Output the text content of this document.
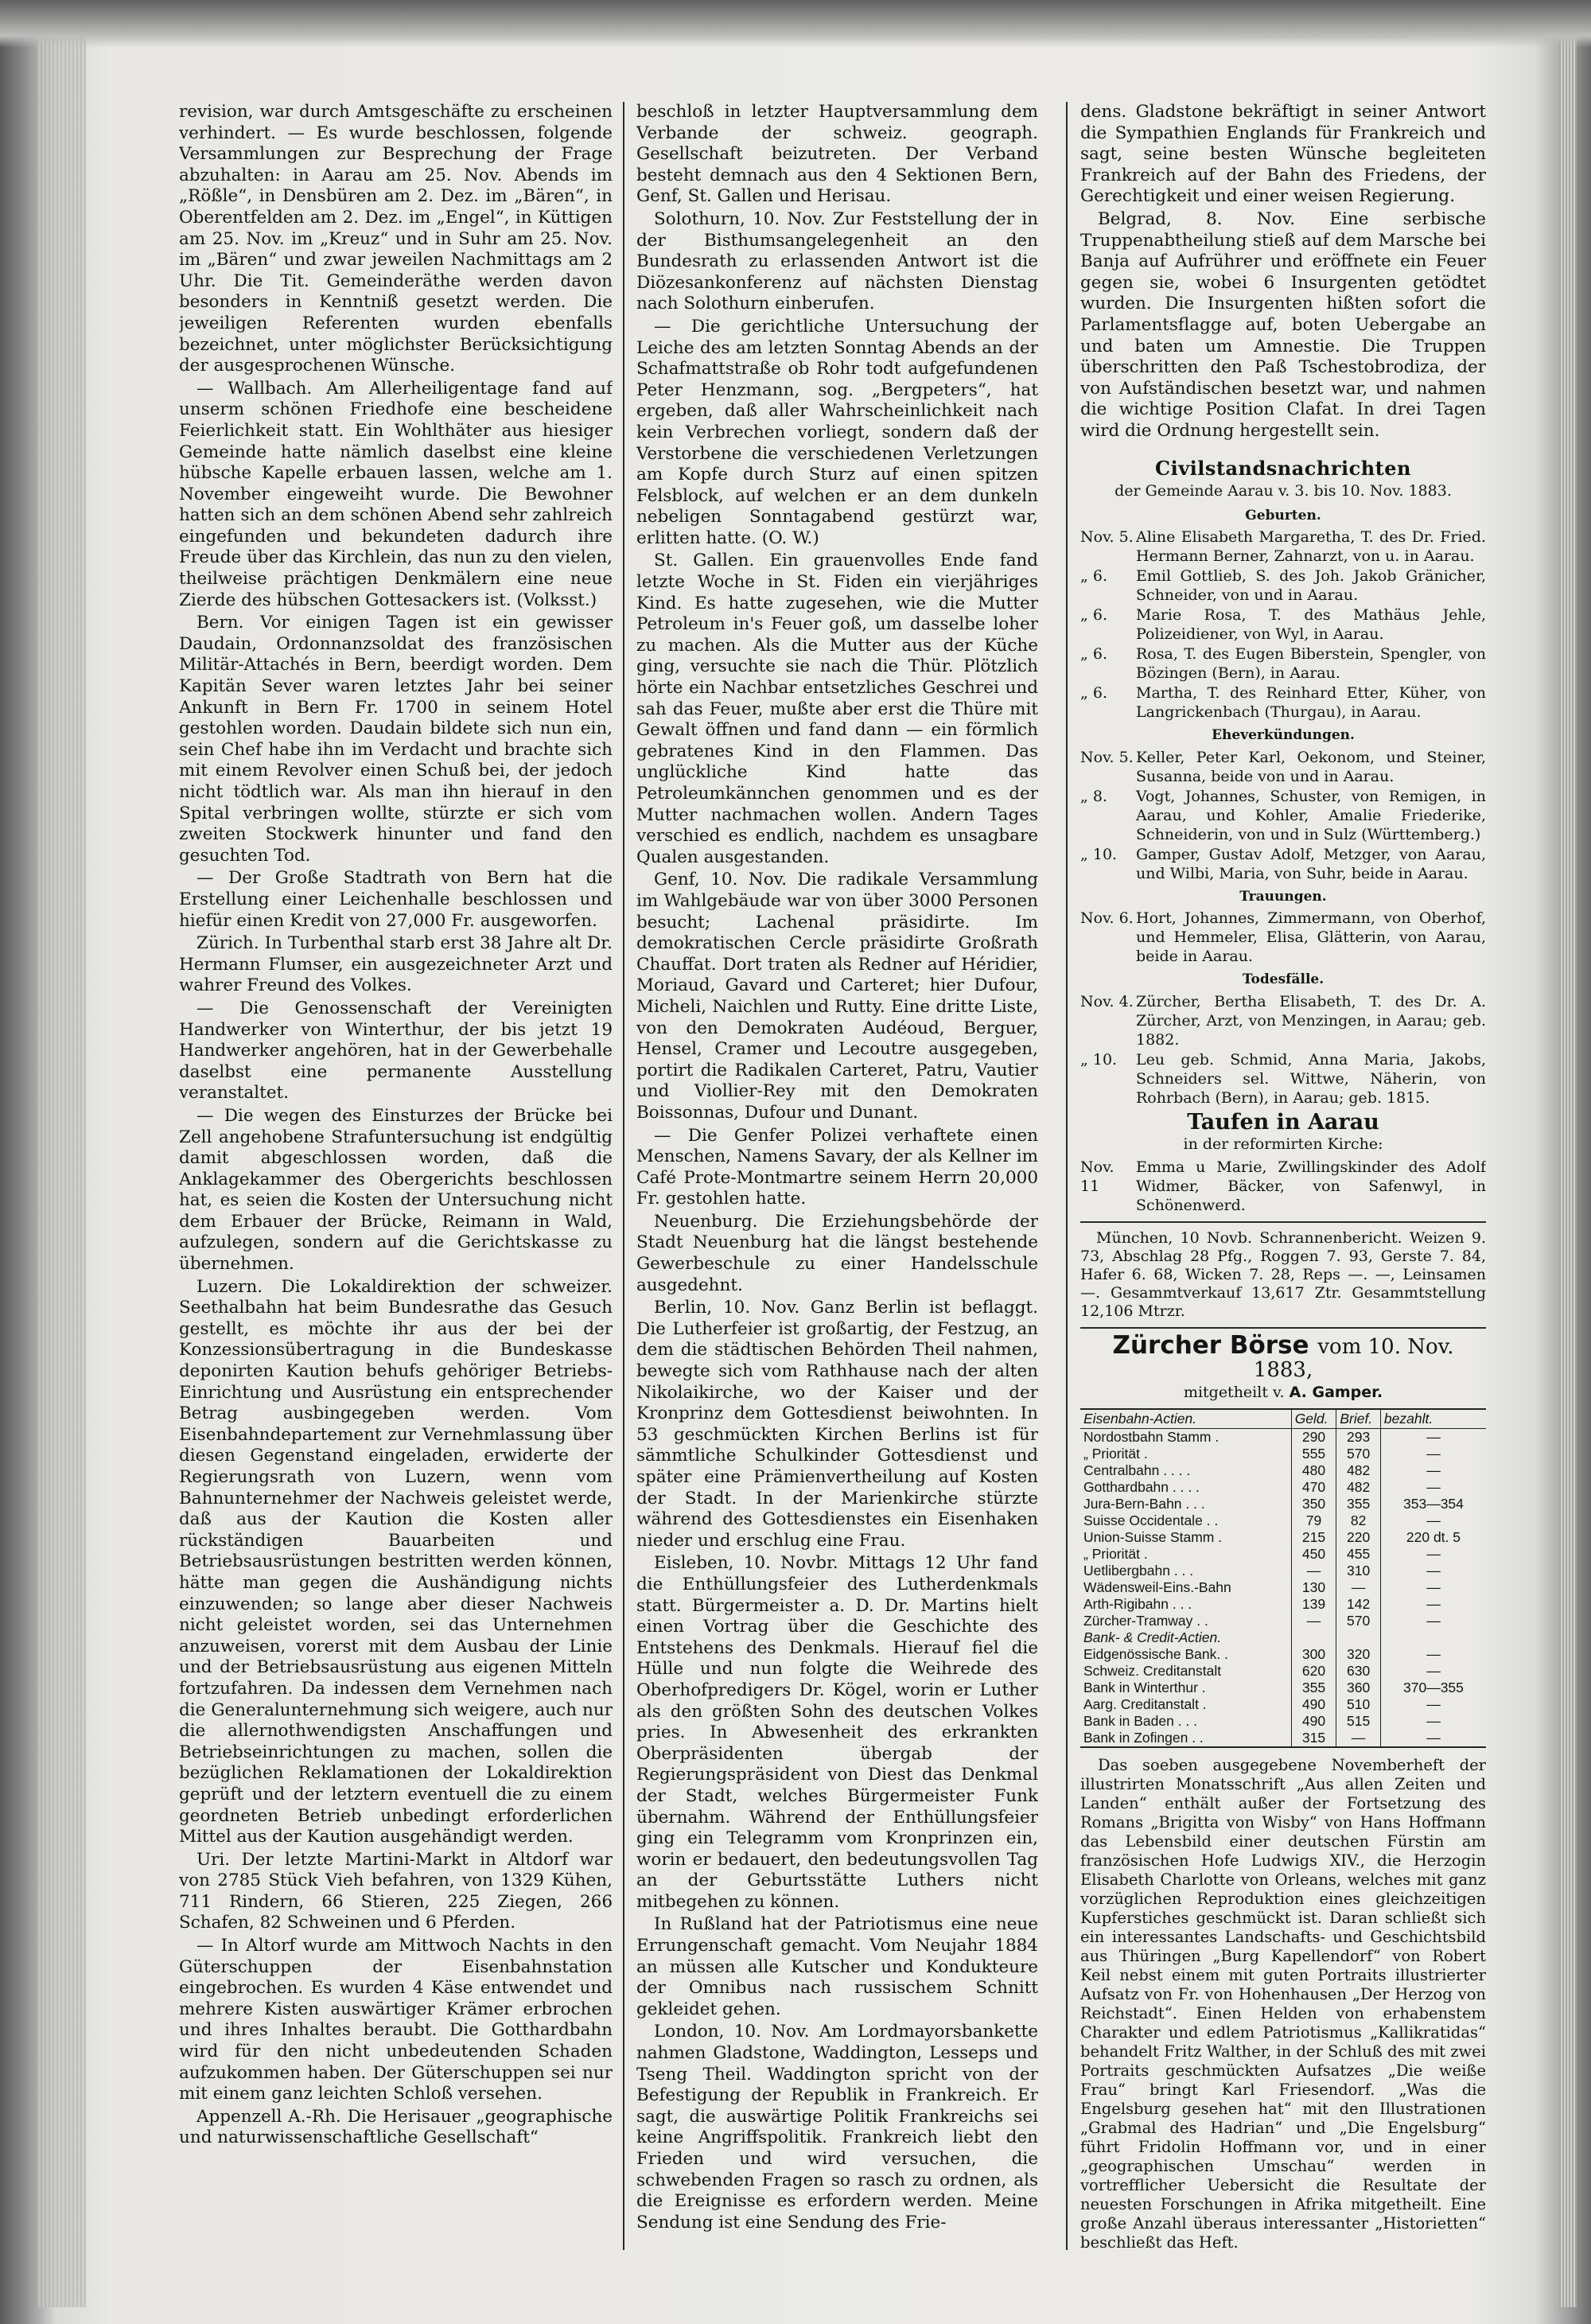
revision, war durch Amtsgeschäfte zu erscheinen verhindert. — Es wurde beschlossen, folgende Versammlungen zur Besprechung der Frage abzuhalten: in Aarau am 25. Nov. Abends im „Rößle“, in Densbüren am 2. Dez. im „Bären“, in Oberentfelden am 2. Dez. im „Engel“, in Küttigen am 25. Nov. im „Kreuz“ und in Suhr am 25. Nov. im „Bären“ und zwar jeweilen Nachmittags am 2 Uhr. Die Tit. Gemeinderäthe werden davon besonders in Kenntniß gesetzt werden. Die jeweiligen Referenten wurden ebenfalls bezeichnet, unter möglichster Berücksichtigung der ausgesprochenen Wünsche.

— Wallbach. Am Allerheiligentage fand auf unserm schönen Friedhofe eine bescheidene Feierlichkeit statt. Ein Wohlthäter aus hiesiger Gemeinde hatte nämlich daselbst eine kleine hübsche Kapelle erbauen lassen, welche am 1. November eingeweiht wurde. Die Bewohner hatten sich an dem schönen Abend sehr zahlreich eingefunden und bekundeten dadurch ihre Freude über das Kirchlein, das nun zu den vielen, theilweise prächtigen Denkmälern eine neue Zierde des hübschen Gottesackers ist. (Volksst.)

Bern. Vor einigen Tagen ist ein gewisser Daudain, Ordonnanzsoldat des französischen Militär-Attachés in Bern, beerdigt worden. Dem Kapitän Sever waren letztes Jahr bei seiner Ankunft in Bern Fr. 1700 in seinem Hotel gestohlen worden. Daudain bildete sich nun ein, sein Chef habe ihn im Verdacht und brachte sich mit einem Revolver einen Schuß bei, der jedoch nicht tödtlich war. Als man ihn hierauf in den Spital verbringen wollte, stürzte er sich vom zweiten Stockwerk hinunter und fand den gesuchten Tod.

— Der Große Stadtrath von Bern hat die Erstellung einer Leichenhalle beschlossen und hiefür einen Kredit von 27,000 Fr. ausgeworfen.

Zürich. In Turbenthal starb erst 38 Jahre alt Dr. Hermann Flumser, ein ausgezeichneter Arzt und wahrer Freund des Volkes.

— Die Genossenschaft der Vereinigten Handwerker von Winterthur, der bis jetzt 19 Handwerker angehören, hat in der Gewerbehalle daselbst eine permanente Ausstellung veranstaltet.

— Die wegen des Einsturzes der Brücke bei Zell angehobene Strafuntersuchung ist endgültig damit abgeschlossen worden, daß die Anklagekammer des Obergerichts beschlossen hat, es seien die Kosten der Untersuchung nicht dem Erbauer der Brücke, Reimann in Wald, aufzulegen, sondern auf die Gerichtskasse zu übernehmen.

Luzern. Die Lokaldirektion der schweizer. Seethalbahn hat beim Bundesrathe das Gesuch gestellt, es möchte ihr aus der bei der Konzessionsübertragung in die Bundeskasse deponirten Kaution behufs gehöriger Betriebs-Einrichtung und Ausrüstung ein entsprechender Betrag ausbingegeben werden. Vom Eisenbahndepartement zur Vernehmlassung über diesen Gegenstand eingeladen, erwiderte der Regierungsrath von Luzern, wenn vom Bahnunternehmer der Nachweis geleistet werde, daß aus der Kaution die Kosten aller rückständigen Bauarbeiten und Betriebsausrüstungen bestritten werden können, hätte man gegen die Aushändigung nichts einzuwenden; so lange aber dieser Nachweis nicht geleistet worden, sei das Unternehmen anzuweisen, vorerst mit dem Ausbau der Linie und der Betriebsausrüstung aus eigenen Mitteln fortzufahren. Da indessen dem Vernehmen nach die Generalunternehmung sich weigere, auch nur die allernothwendigsten Anschaffungen und Betriebseinrichtungen zu machen, sollen die bezüglichen Reklamationen der Lokaldirektion geprüft und der letztern eventuell die zu einem geordneten Betrieb unbedingt erforderlichen Mittel aus der Kaution ausgehändigt werden.

Uri. Der letzte Martini-Markt in Altdorf war von 2785 Stück Vieh befahren, von 1329 Kühen, 711 Rindern, 66 Stieren, 225 Ziegen, 266 Schafen, 82 Schweinen und 6 Pferden.

— In Altorf wurde am Mittwoch Nachts in den Güterschuppen der Eisenbahnstation eingebrochen. Es wurden 4 Käse entwendet und mehrere Kisten auswärtiger Krämer erbrochen und ihres Inhaltes beraubt. Die Gotthardbahn wird für den nicht unbedeutenden Schaden aufzukommen haben. Der Güterschuppen sei nur mit einem ganz leichten Schloß versehen.

Appenzell A.-Rh. Die Herisauer „geographische und naturwissenschaftliche Gesellschaft“

beschloß in letzter Hauptversammlung dem Verbande der schweiz. geograph. Gesellschaft beizutreten. Der Verband besteht demnach aus den 4 Sektionen Bern, Genf, St. Gallen und Herisau.

Solothurn, 10. Nov. Zur Feststellung der in der Bisthumsangelegenheit an den Bundesrath zu erlassenden Antwort ist die Diözesankonferenz auf nächsten Dienstag nach Solothurn einberufen.

— Die gerichtliche Untersuchung der Leiche des am letzten Sonntag Abends an der Schafmattstraße ob Rohr todt aufgefundenen Peter Henzmann, sog. „Bergpeters“, hat ergeben, daß aller Wahrscheinlichkeit nach kein Verbrechen vorliegt, sondern daß der Verstorbene die verschiedenen Verletzungen am Kopfe durch Sturz auf einen spitzen Felsblock, auf welchen er an dem dunkeln nebeligen Sonntagabend gestürzt war, erlitten hatte. (O. W.)

St. Gallen. Ein grauenvolles Ende fand letzte Woche in St. Fiden ein vierjähriges Kind. Es hatte zugesehen, wie die Mutter Petroleum in's Feuer goß, um dasselbe loher zu machen. Als die Mutter aus der Küche ging, versuchte sie nach die Thür. Plötzlich hörte ein Nachbar entsetzliches Geschrei und sah das Feuer, mußte aber erst die Thüre mit Gewalt öffnen und fand dann — ein förmlich gebratenes Kind in den Flammen. Das unglückliche Kind hatte das Petroleumkännchen genommen und es der Mutter nachmachen wollen. Andern Tages verschied es endlich, nachdem es unsagbare Qualen ausgestanden.

Genf, 10. Nov. Die radikale Versammlung im Wahlgebäude war von über 3000 Personen besucht; Lachenal präsidirte. Im demokratischen Cercle präsidirte Großrath Chauffat. Dort traten als Redner auf Héridier, Moriaud, Gavard und Carteret; hier Dufour, Micheli, Naichlen und Rutty. Eine dritte Liste, von den Demokraten Audéoud, Berguer, Hensel, Cramer und Lecoutre ausgegeben, portirt die Radikalen Carteret, Patru, Vautier und Viollier-Rey mit den Demokraten Boissonnas, Dufour und Dunant.

— Die Genfer Polizei verhaftete einen Menschen, Namens Savary, der als Kellner im Café Prote-Montmartre seinem Herrn 20,000 Fr. gestohlen hatte.

Neuenburg. Die Erziehungsbehörde der Stadt Neuenburg hat die längst bestehende Gewerbeschule zu einer Handelsschule ausgedehnt.

Berlin, 10. Nov. Ganz Berlin ist beflaggt. Die Lutherfeier ist großartig, der Festzug, an dem die städtischen Behörden Theil nahmen, bewegte sich vom Rathhause nach der alten Nikolaikirche, wo der Kaiser und der Kronprinz dem Gottesdienst beiwohnten. In 53 geschmückten Kirchen Berlins ist für sämmtliche Schulkinder Gottesdienst und später eine Prämienvertheilung auf Kosten der Stadt. In der Marienkirche stürzte während des Gottesdienstes ein Eisenhaken nieder und erschlug eine Frau.

Eisleben, 10. Novbr. Mittags 12 Uhr fand die Enthüllungsfeier des Lutherdenkmals statt. Bürgermeister a. D. Dr. Martins hielt einen Vortrag über die Geschichte des Entstehens des Denkmals. Hierauf fiel die Hülle und nun folgte die Weihrede des Oberhofpredigers Dr. Kögel, worin er Luther als den größten Sohn des deutschen Volkes pries. In Abwesenheit des erkrankten Oberpräsidenten übergab der Regierungspräsident von Diest das Denkmal der Stadt, welches Bürgermeister Funk übernahm. Während der Enthüllungsfeier ging ein Telegramm vom Kronprinzen ein, worin er bedauert, den bedeutungsvollen Tag an der Geburtsstätte Luthers nicht mitbegehen zu können.

In Rußland hat der Patriotismus eine neue Errungenschaft gemacht. Vom Neujahr 1884 an müssen alle Kutscher und Kondukteure der Omnibus nach russischem Schnitt gekleidet gehen.

London, 10. Nov. Am Lordmayorsbankette nahmen Gladstone, Waddington, Lesseps und Tseng Theil. Waddington spricht von der Befestigung der Republik in Frankreich. Er sagt, die auswärtige Politik Frankreichs sei keine Angriffspolitik. Frankreich liebt den Frieden und wird versuchen, die schwebenden Fragen so rasch zu ordnen, als die Ereignisse es erfordern werden. Meine Sendung ist eine Sendung des Frie-

dens. Gladstone bekräftigt in seiner Antwort die Sympathien Englands für Frankreich und sagt, seine besten Wünsche begleiteten Frankreich auf der Bahn des Friedens, der Gerechtigkeit und einer weisen Regierung.

Belgrad, 8. Nov. Eine serbische Truppenabtheilung stieß auf dem Marsche bei Banja auf Aufrührer und eröffnete ein Feuer gegen sie, wobei 6 Insurgenten getödtet wurden. Die Insurgenten hißten sofort die Parlamentsflagge auf, boten Uebergabe an und baten um Amnestie. Die Truppen überschritten den Paß Tschestobrodiza, der von Aufständischen besetzt war, und nahmen die wichtige Position Clafat. In drei Tagen wird die Ordnung hergestellt sein.

Civilstandsnachrichten
der Gemeinde Aarau v. 3. bis 10. Nov. 1883.
Geburten.
Nov. 5. Aline Elisabeth Margaretha, T. des Dr. Fried. Hermann Berner, Zahnarzt, von u. in Aarau.
„ 6.	Emil Gottlieb, S. des Joh. Jakob Gränicher, Schneider, von und in Aarau.
„ 6.	Marie Rosa, T. des Mathäus Jehle, Polizeidiener, von Wyl, in Aarau.
„ 6.	Rosa, T. des Eugen Biberstein, Spengler, von Bözingen (Bern), in Aarau.
„ 6.	Martha, T. des Reinhard Etter, Küher, von Langrickenbach (Thurgau), in Aarau.
Eheverkündungen.
Nov. 5. Keller, Peter Karl, Oekonom, und Steiner, Susanna, beide von und in Aarau.
„ 8.	Vogt, Johannes, Schuster, von Remigen, in Aarau, und Kohler, Amalie Friederike, Schneiderin, von und in Sulz (Württemberg.)
„ 10.	Gamper, Gustav Adolf, Metzger, von Aarau, und Wilbi, Maria, von Suhr, beide in Aarau.
Trauungen.
Nov. 6. Hort, Johannes, Zimmermann, von Oberhof, und Hemmeler, Elisa, Glätterin, von Aarau, beide in Aarau.
Todesfälle.
Nov. 4. Zürcher, Bertha Elisabeth, T. des Dr. A. Zürcher, Arzt, von Menzingen, in Aarau; geb. 1882.
„ 10.	Leu geb. Schmid, Anna Maria, Jakobs, Schneiders sel. Wittwe, Näherin, von Rohrbach (Bern), in Aarau; geb. 1815.
Taufen in Aarau
in der reformirten Kirche:
Nov. 11
Emma u Marie, Zwillingskinder des Adolf Widmer, Bäcker, von Safenwyl, in Schönenwerd.
München, 10 Novb. Schrannenbericht. Weizen 9. 73, Abschlag 28 Pfg., Roggen 7. 93, Gerste 7. 84, Hafer 6. 68, Wicken 7. 28, Reps —. —, Leinsamen —. Gesammtverkauf 13,617 Ztr. Gesammtstellung 12,106 Mtrzr.
Zürcher Börse vom 10. Nov. 1883,
mitgetheilt v. A. Gamper.
Eisenbahn-Actien.	Geld.	Brief.	bezahlt.
Nordostbahn Stamm .	290	293	—
„ Priorität .	555	570	—
Centralbahn . . . .	480	482	—
Gotthardbahn . . . .	470	482	—
Jura-Bern-Bahn . . .	350	355	353—354
Suisse Occidentale . .	79	82	—
Union-Suisse Stamm .	215	220	220 dt. 5
„ Priorität .	450	455	—
Uetlibergbahn . . .	—	310	—
Wädensweil-Eins.-Bahn	130	—	—
Arth-Rigibahn . . .	139	142	—
Zürcher-Tramway . .	—	570	—
Bank- & Credit-Actien.			
Eidgenössische Bank. .	300	320	—
Schweiz. Creditanstalt	620	630	—
Bank in Winterthur .	355	360	370—355
Aarg. Creditanstalt .	490	510	—
Bank in Baden . . .	490	515	—
Bank in Zofingen . .	315	—	—
Das soeben ausgegebene Novemberheft der illustrirten Monatsschrift „Aus allen Zeiten und Landen“ enthält außer der Fortsetzung des Romans „Brigitta von Wisby“ von Hans Hoffmann das Lebensbild einer deutschen Fürstin am französischen Hofe Ludwigs XIV., die Herzogin Elisabeth Charlotte von Orleans, welches mit ganz vorzüglichen Reproduktion eines gleichzeitigen Kupferstiches geschmückt ist. Daran schließt sich ein interessantes Landschafts- und Geschichtsbild aus Thüringen „Burg Kapellendorf“ von Robert Keil nebst einem mit guten Portraits illustrierter Aufsatz von Fr. von Hohenhausen „Der Herzog von Reichstadt“. Einen Helden von erhabenstem Charakter und edlem Patriotismus „Kallikratidas“ behandelt Fritz Walther, in der Schluß des mit zwei Portraits geschmückten Aufsatzes „Die weiße Frau“ bringt Karl Friesendorf. „Was die Engelsburg gesehen hat“ mit den Illustrationen „Grabmal des Hadrian“ und „Die Engelsburg“ führt Fridolin Hoffmann vor, und in einer „geographischen Umschau“ werden in vortrefflicher Uebersicht die Resultate der neuesten Forschungen in Afrika mitgetheilt. Eine große Anzahl überaus interessanter „Historietten“ beschließt das Heft.
